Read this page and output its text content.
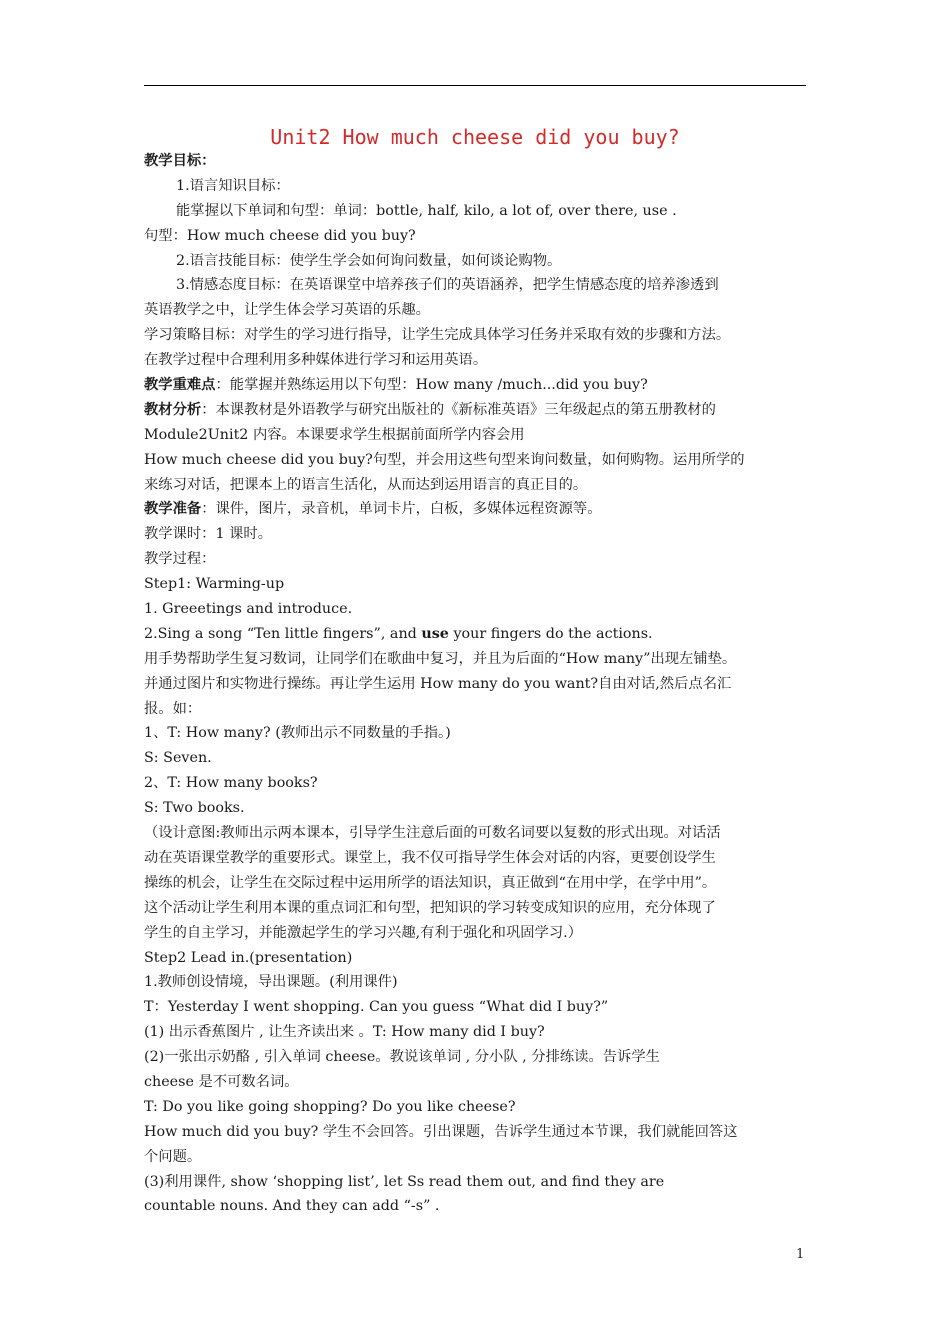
Unit2 How much cheese did you buy?
教学目标：
1.语言知识目标：
能掌握以下单词和句型：单词：bottle, half, kilo, a lot of, over there, use .
句型：How much cheese did you buy?
2.语言技能目标：使学生学会如何询问数量，如何谈论购物。
3.情感态度目标：在英语课堂中培养孩子们的英语涵养，把学生情感态度的培养渗透到
英语教学之中，让学生体会学习英语的乐趣。
学习策略目标：对学生的学习进行指导，让学生完成具体学习任务并采取有效的步骤和方法。
在教学过程中合理利用多种媒体进行学习和运用英语。
教学重难点：能掌握并熟练运用以下句型：How many /much...did you buy?
教材分析：本课教材是外语教学与研究出版社的《新标准英语》三年级起点的第五册教材的
Module2Unit2 内容。本课要求学生根据前面所学内容会用
How much cheese did you buy?句型，并会用这些句型来询问数量，如何购物。运用所学的
来练习对话，把课本上的语言生活化，从而达到运用语言的真正目的。
教学准备：课件，图片，录音机，单词卡片，白板，多媒体远程资源等。
教学课时：1 课时。
教学过程：
Step1: Warming-up
1. Greeetings and introduce.
2.Sing a song “Ten little fingers”, and use your fingers do the actions.
用手势帮助学生复习数词，让同学们在歌曲中复习，并且为后面的“How many”出现左铺垫。
并通过图片和实物进行操练。再让学生运用 How many do you want?自由对话,然后点名汇
报。如：
1、T: How many? (教师出示不同数量的手指。)
S: Seven.
2、T: How many books?
S: Two books.
（设计意图:教师出示两本课本，引导学生注意后面的可数名词要以复数的形式出现。对话活
动在英语课堂教学的重要形式。课堂上，我不仅可指导学生体会对话的内容，更要创设学生
操练的机会，让学生在交际过程中运用所学的语法知识，真正做到“在用中学，在学中用”。
这个活动让学生利用本课的重点词汇和句型，把知识的学习转变成知识的应用，充分体现了
学生的自主学习，并能激起学生的学习兴趣,有利于强化和巩固学习.）
Step2 Lead in.(presentation)
1.教师创设情境，导出课题。(利用课件)
T：Yesterday I went shopping. Can you guess “What did I buy?”
(1) 出示香蕉图片 , 让生齐读出来 。T: How many did I buy?
(2)一张出示奶酪 , 引入单词 cheese。教说该单词 , 分小队 , 分排练读。告诉学生
cheese 是不可数名词。
T: Do you like going shopping? Do you like cheese?
How much did you buy? 学生不会回答。引出课题，告诉学生通过本节课，我们就能回答这
个问题。
(3)利用课件, show ‘shopping list’, let Ss read them out, and find they are
countable nouns. And they can add “-s” .
1
